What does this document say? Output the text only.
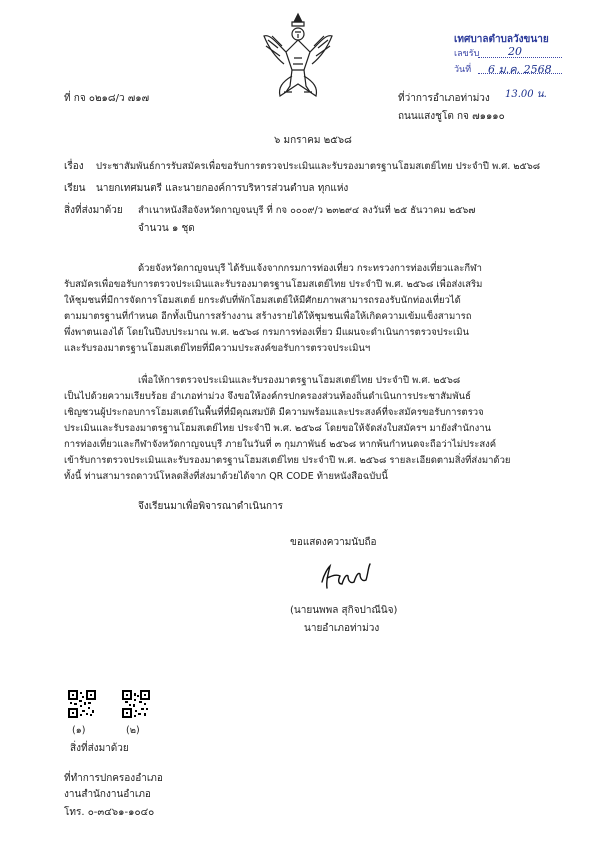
เทศบาลตำบลวังขนาย
เลขรับ	20
วันที่ 6 ม.ค. 2568
13.00 น.
ที่ กจ ๐๒๑๘/ว ๗๑๗	ที่ว่าการอำเภอท่าม่วง
ถนนแสงชูโต กจ ๗๑๑๑๐
๖ มกราคม ๒๕๖๘
เรื่อง ประชาสัมพันธ์การรับสมัครเพื่อขอรับการตรวจประเมินและรับรองมาตรฐานโฮมสเตย์ไทย ประจำปี พ.ศ. ๒๕๖๘
เรียน นายกเทศมนตรี และนายกองค์การบริหารส่วนตำบล ทุกแห่ง
สิ่งที่ส่งมาด้วย สำเนาหนังสือจังหวัดกาญจนบุรี ที่ กจ ๐๐๐๙/ว ๒๓๒๙๔ ลงวันที่ ๒๕ ธันวาคม ๒๕๖๗
จำนวน ๑ ชุด
ด้วยจังหวัดกาญจนบุรี ได้รับแจ้งจากกรมการท่องเที่ยว กระทรวงการท่องเที่ยวและกีฬา
รับสมัครเพื่อขอรับการตรวจประเมินและรับรองมาตรฐานโฮมสเตย์ไทย ประจำปี พ.ศ. ๒๕๖๘ เพื่อส่งเสริม
ให้ชุมชนที่มีการจัดการโฮมสเตย์ ยกระดับที่พักโฮมสเตย์ให้มีศักยภาพสามารถรองรับนักท่องเที่ยวได้
ตามมาตรฐานที่กำหนด อีกทั้งเป็นการสร้างงาน สร้างรายได้ให้ชุมชนเพื่อให้เกิดความเข้มแข็งสามารถ
พึ่งพาตนเองได้ โดยในปีงบประมาณ พ.ศ. ๒๕๖๘ กรมการท่องเที่ยว มีแผนจะดำเนินการตรวจประเมิน
และรับรองมาตรฐานโฮมสเตย์ไทยที่มีความประสงค์ขอรับการตรวจประเมินฯ
เพื่อให้การตรวจประเมินและรับรองมาตรฐานโฮมสเตย์ไทย ประจำปี พ.ศ. ๒๕๖๘
เป็นไปด้วยความเรียบร้อย อำเภอท่าม่วง จึงขอให้องค์กรปกครองส่วนท้องถิ่นดำเนินการประชาสัมพันธ์
เชิญชวนผู้ประกอบการโฮมสเตย์ในพื้นที่ที่มีคุณสมบัติ มีความพร้อมและประสงค์ที่จะสมัครขอรับการตรวจ
ประเมินและรับรองมาตรฐานโฮมสเตย์ไทย ประจำปี พ.ศ. ๒๕๖๘ โดยขอให้จัดส่งใบสมัครฯ มายังสำนักงาน
การท่องเที่ยวและกีฬาจังหวัดกาญจนบุรี ภายในวันที่ ๓ กุมภาพันธ์ ๒๕๖๘ หากพ้นกำหนดจะถือว่าไม่ประสงค์
เข้ารับการตรวจประเมินและรับรองมาตรฐานโฮมสเตย์ไทย ประจำปี พ.ศ. ๒๕๖๘ รายละเอียดตามสิ่งที่ส่งมาด้วย
ทั้งนี้ ท่านสามารถดาวน์โหลดสิ่งที่ส่งมาด้วยได้จาก QR CODE ท้ายหนังสือฉบับนี้
จึงเรียนมาเพื่อพิจารณาดำเนินการ
ขอแสดงความนับถือ
(นายนพพล สุกิจปาณีนิจ)
นายอำเภอท่าม่วง
(๑)	(๒)
สิ่งที่ส่งมาด้วย
ที่ทำการปกครองอำเภอ
งานสำนักงานอำเภอ
โทร. ๐-๓๔๖๑-๑๐๔๐
